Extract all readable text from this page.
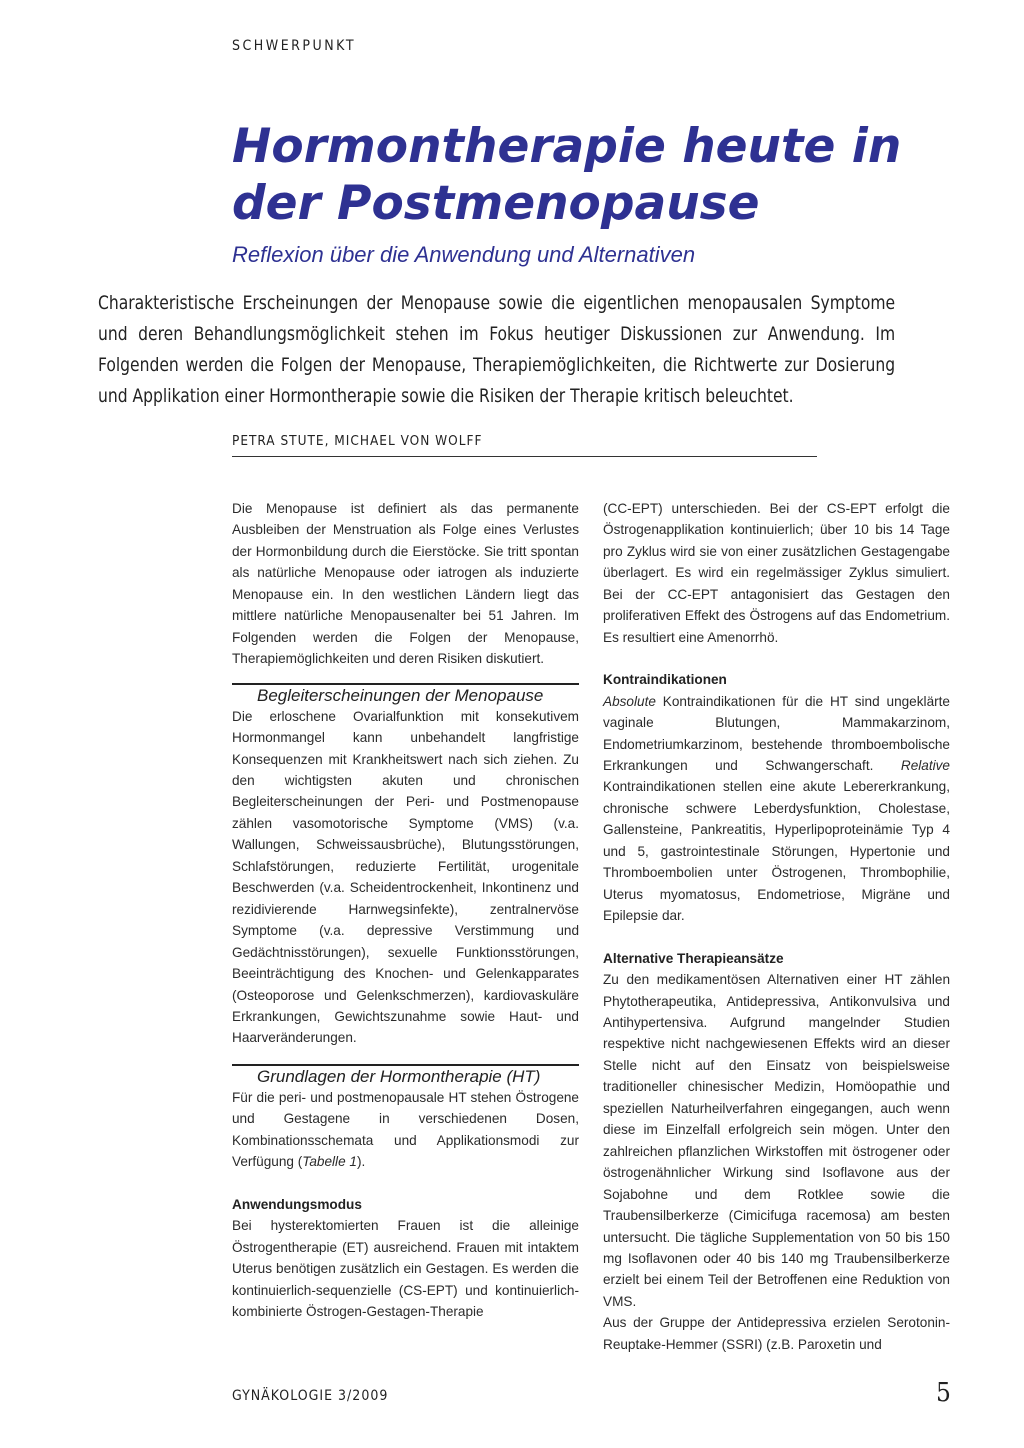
SCHWERPUNKT
Hormontherapie heute in der Postmenopause
Reflexion über die Anwendung und Alternativen

Charakteristische Erscheinungen der Menopause sowie die eigentlichen menopausalen Symptome und deren Behandlungsmöglichkeit stehen im Fokus heutiger Diskussionen zur Anwendung. Im Folgenden werden die Folgen der Menopause, Therapiemöglichkeiten, die Richtwerte zur Dosierung und Applikation einer Hormontherapie sowie die Risiken der Therapie kritisch beleuchtet.

PETRA STUTE, MICHAEL VON WOLFF

Die Menopause ist definiert als das permanente Ausbleiben der Menstruation als Folge eines Verlustes der Hormonbildung durch die Eierstöcke. Sie tritt spontan als natürliche Menopause oder iatrogen als induzierte Menopause ein. In den westlichen Ländern liegt das mittlere natürliche Menopausenalter bei 51 Jahren. Im Folgenden werden die Folgen der Menopause, Therapiemöglichkeiten und deren Risiken diskutiert.

Begleiterscheinungen der Menopause

Die erloschene Ovarialfunktion mit konsekutivem Hormonmangel kann unbehandelt langfristige Konsequenzen mit Krankheitswert nach sich ziehen. Zu den wichtigsten akuten und chronischen Begleiterscheinungen der Peri- und Postmenopause zählen vasomotorische Symptome (VMS) (v.a. Wallungen, Schweissausbrüche), Blutungsstörungen, Schlafstörungen, reduzierte Fertilität, urogenitale Beschwerden (v.a. Scheidentrockenheit, Inkontinenz und rezidivierende Harnwegsinfekte), zentralnervöse Symptome (v.a. depressive Verstimmung und Gedächtnisstörungen), sexuelle Funktionsstörungen, Beeinträchtigung des Knochen- und Gelenkapparates (Osteoporose und Gelenkschmerzen), kardiovaskuläre Erkrankungen, Gewichtszunahme sowie Haut- und Haarveränderungen.

Grundlagen der Hormontherapie (HT)

Für die peri- und postmenopausale HT stehen Östrogene und Gestagene in verschiedenen Dosen, Kombinationsschemata und Applikationsmodi zur Verfügung (Tabelle 1).

Anwendungsmodus

Bei hysterektomierten Frauen ist die alleinige Östrogentherapie (ET) ausreichend. Frauen mit intaktem Uterus benötigen zusätzlich ein Gestagen. Es werden die kontinuierlich-sequenzielle (CS-EPT) und kontinuierlich-kombinierte Östrogen-Gestagen-Therapie

(CC-EPT) unterschieden. Bei der CS-EPT erfolgt die Östrogenapplikation kontinuierlich; über 10 bis 14 Tage pro Zyklus wird sie von einer zusätzlichen Gestagengabe überlagert. Es wird ein regelmässiger Zyklus simuliert. Bei der CC-EPT antagonisiert das Gestagen den proliferativen Effekt des Östrogens auf das Endometrium. Es resultiert eine Amenorrhö.

Kontraindikationen

Absolute Kontraindikationen für die HT sind ungeklärte vaginale Blutungen, Mammakarzinom, Endometriumkarzinom, bestehende thromboembolische Erkrankungen und Schwangerschaft. Relative Kontraindikationen stellen eine akute Lebererkrankung, chronische schwere Leberdysfunktion, Cholestase, Gallensteine, Pankreatitis, Hyperlipoproteinämie Typ 4 und 5, gastrointestinale Störungen, Hypertonie und Thromboembolien unter Östrogenen, Thrombophilie, Uterus myomatosus, Endometriose, Migräne und Epilepsie dar.

Alternative Therapieansätze

Zu den medikamentösen Alternativen einer HT zählen Phytotherapeutika, Antidepressiva, Antikonvulsiva und Antihypertensiva. Aufgrund mangelnder Studien respektive nicht nachgewiesenen Effekts wird an dieser Stelle nicht auf den Einsatz von beispielsweise traditioneller chinesischer Medizin, Homöopathie und speziellen Naturheilverfahren eingegangen, auch wenn diese im Einzelfall erfolgreich sein mögen. Unter den zahlreichen pflanzlichen Wirkstoffen mit östrogener oder östrogenähnlicher Wirkung sind Isoflavone aus der Sojabohne und dem Rotklee sowie die Traubensilberkerze (Cimicifuga racemosa) am besten untersucht. Die tägliche Supplementation von 50 bis 150 mg Isoflavonen oder 40 bis 140 mg Traubensilberkerze erzielt bei einem Teil der Betroffenen eine Reduktion von VMS.

Aus der Gruppe der Antidepressiva erzielen Serotonin-Reuptake-Hemmer (SSRI) (z.B. Paroxetin und

GYNÄKOLOGIE 3/2009	5
